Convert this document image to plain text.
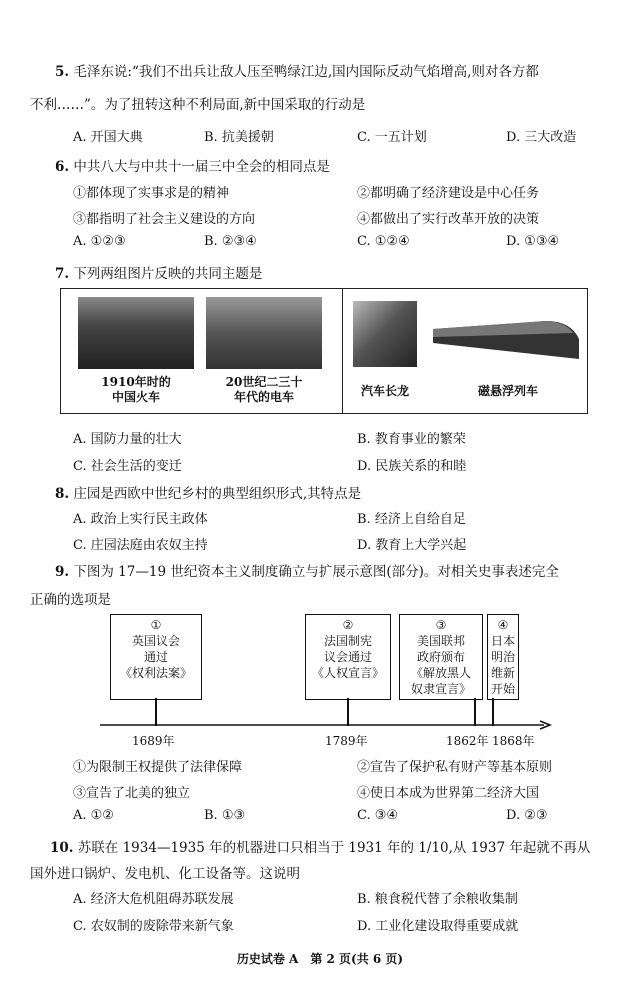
5. 毛泽东说:“我们不出兵让敌人压至鸭绿江边,国内国际反动气焰增高,则对各方都
不利……”。为了扭转这种不利局面,新中国采取的行动是
A. 开国大典	B. 抗美援朝	C. 一五计划	D. 三大改造
6. 中共八大与中共十一届三中全会的相同点是
①都体现了实事求是的精神	②都明确了经济建设是中心任务
③都指明了社会主义建设的方向	④都做出了实行改革开放的决策
A. ①②③	B. ②③④	C. ①②④	D. ①③④
7. 下列两组图片反映的共同主题是
1910年时的
中国火车
20世纪二三十
年代的电车	汽车长龙	磁悬浮列车
A. 国防力量的壮大	B. 教育事业的繁荣
C. 社会生活的变迁	D. 民族关系的和睦
8. 庄园是西欧中世纪乡村的典型组织形式,其特点是
A. 政治上实行民主政体	B. 经济上自给自足
C. 庄园法庭由农奴主持	D. 教育上大学兴起
9. 下图为 17—19 世纪资本主义制度确立与扩展示意图(部分)。对相关史事表述完全
正确的选项是
①
英国议会
通过
《权利法案》
②
法国制宪
议会通过
《人权宣言》
③
美国联邦
政府颁布
《解放黑人
奴隶宣言》
④
日本
明治
维新
开始
1689年	1789年	1862年 1868年
①为限制王权提供了法律保障	②宣告了保护私有财产等基本原则
③宣告了北美的独立	④使日本成为世界第二经济大国
A. ①②	B. ①③	C. ③④	D. ②③
10. 苏联在 1934—1935 年的机器进口只相当于 1931 年的 1/10,从 1937 年起就不再从
国外进口锅炉、发电机、化工设备等。这说明
A. 经济大危机阻碍苏联发展	B. 粮食税代替了余粮收集制
C. 农奴制的废除带来新气象	D. 工业化建设取得重要成就
历史试卷 A　第 2 页(共 6 页)
